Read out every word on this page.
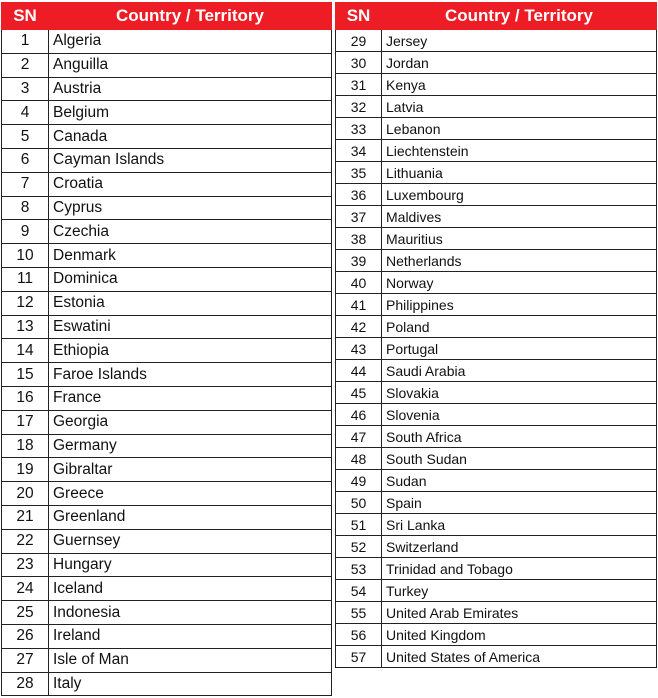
SN	Country / Territory
1	Algeria
2	Anguilla
3	Austria
4	Belgium
5	Canada
6	Cayman Islands
7	Croatia
8	Cyprus
9	Czechia
10	Denmark
11	Dominica
12	Estonia
13	Eswatini
14	Ethiopia
15	Faroe Islands
16	France
17	Georgia
18	Germany
19	Gibraltar
20	Greece
21	Greenland
22	Guernsey
23	Hungary
24	Iceland
25	Indonesia
26	Ireland
27	Isle of Man
28	Italy
SN	Country / Territory
29	Jersey
30	Jordan
31	Kenya
32	Latvia
33	Lebanon
34	Liechtenstein
35	Lithuania
36	Luxembourg
37	Maldives
38	Mauritius
39	Netherlands
40	Norway
41	Philippines
42	Poland
43	Portugal
44	Saudi Arabia
45	Slovakia
46	Slovenia
47	South Africa
48	South Sudan
49	Sudan
50	Spain
51	Sri Lanka
52	Switzerland
53	Trinidad and Tobago
54	Turkey
55	United Arab Emirates
56	United Kingdom
57	United States of America
